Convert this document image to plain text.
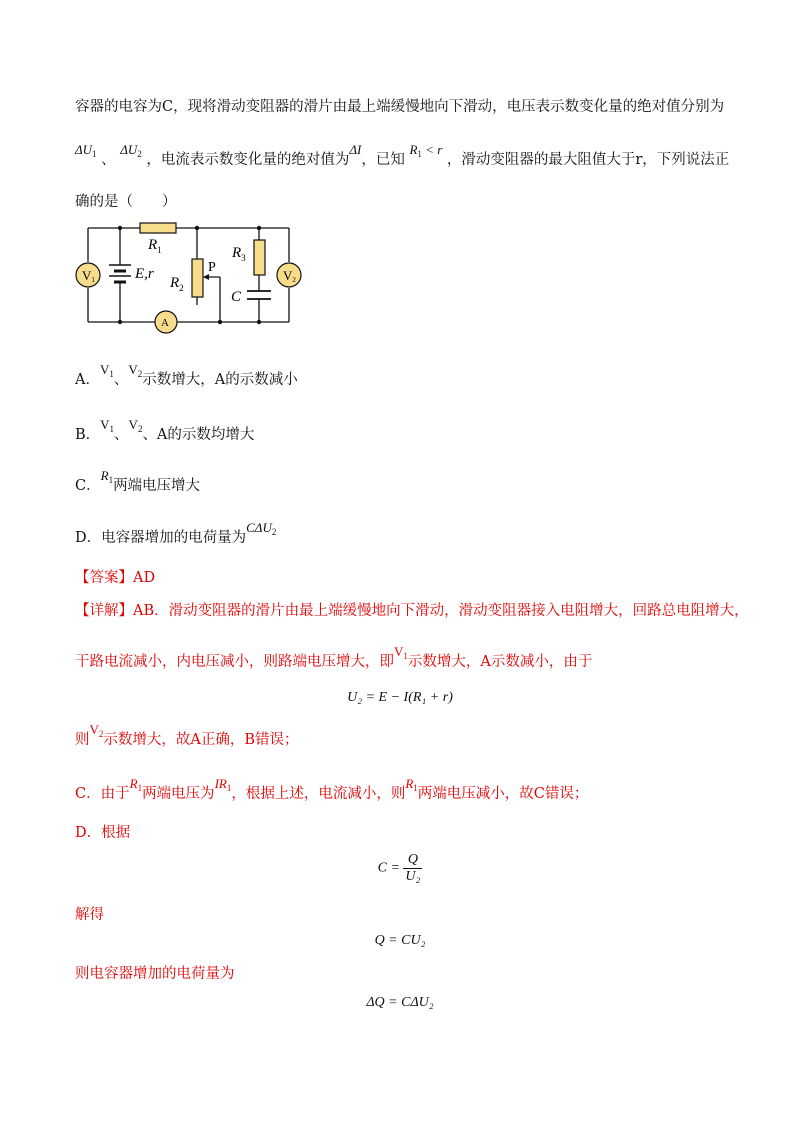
容器的电容为C，现将滑动变阻器的滑片由最上端缓慢地向下滑动，电压表示数变化量的绝对值分别为
$\Delta U_1$ 、 $\Delta U_2$ ，电流表示数变化量的绝对值为ΔI，已知 $R_1 < r$ ，滑动变阻器的最大阻值大于r，下列说法正
确的是（　　）
V1	V2
A
$R_1$
$R_2$
$R_3$
P
C
E,r
A．$V_1$、$V_2$示数增大，A的示数减小
B．$V_1$、$V_2$、A的示数均增大
C．$R_1$两端电压增大
D．电容器增加的电荷量为$C\Delta U_2$
【答案】AD
【详解】AB．滑动变阻器的滑片由最上端缓慢地向下滑动，滑动变阻器接入电阻增大，回路总电阻增大，
干路电流减小，内电压减小，则路端电压增大，即$V_1$示数增大，A示数减小，由于
U₂ = E − I(R₁ + r)
则$V_2$示数增大，故A正确，B错误；
C．由于$R_1$两端电压为$IR_1$，根据上述，电流减小，则$R_1$两端电压减小，故C错误；
D．根据
$C = \frac{Q}{\text{U₂}}$
解得
Q = CU₂
则电容器增加的电荷量为
ΔQ = CΔU₂
